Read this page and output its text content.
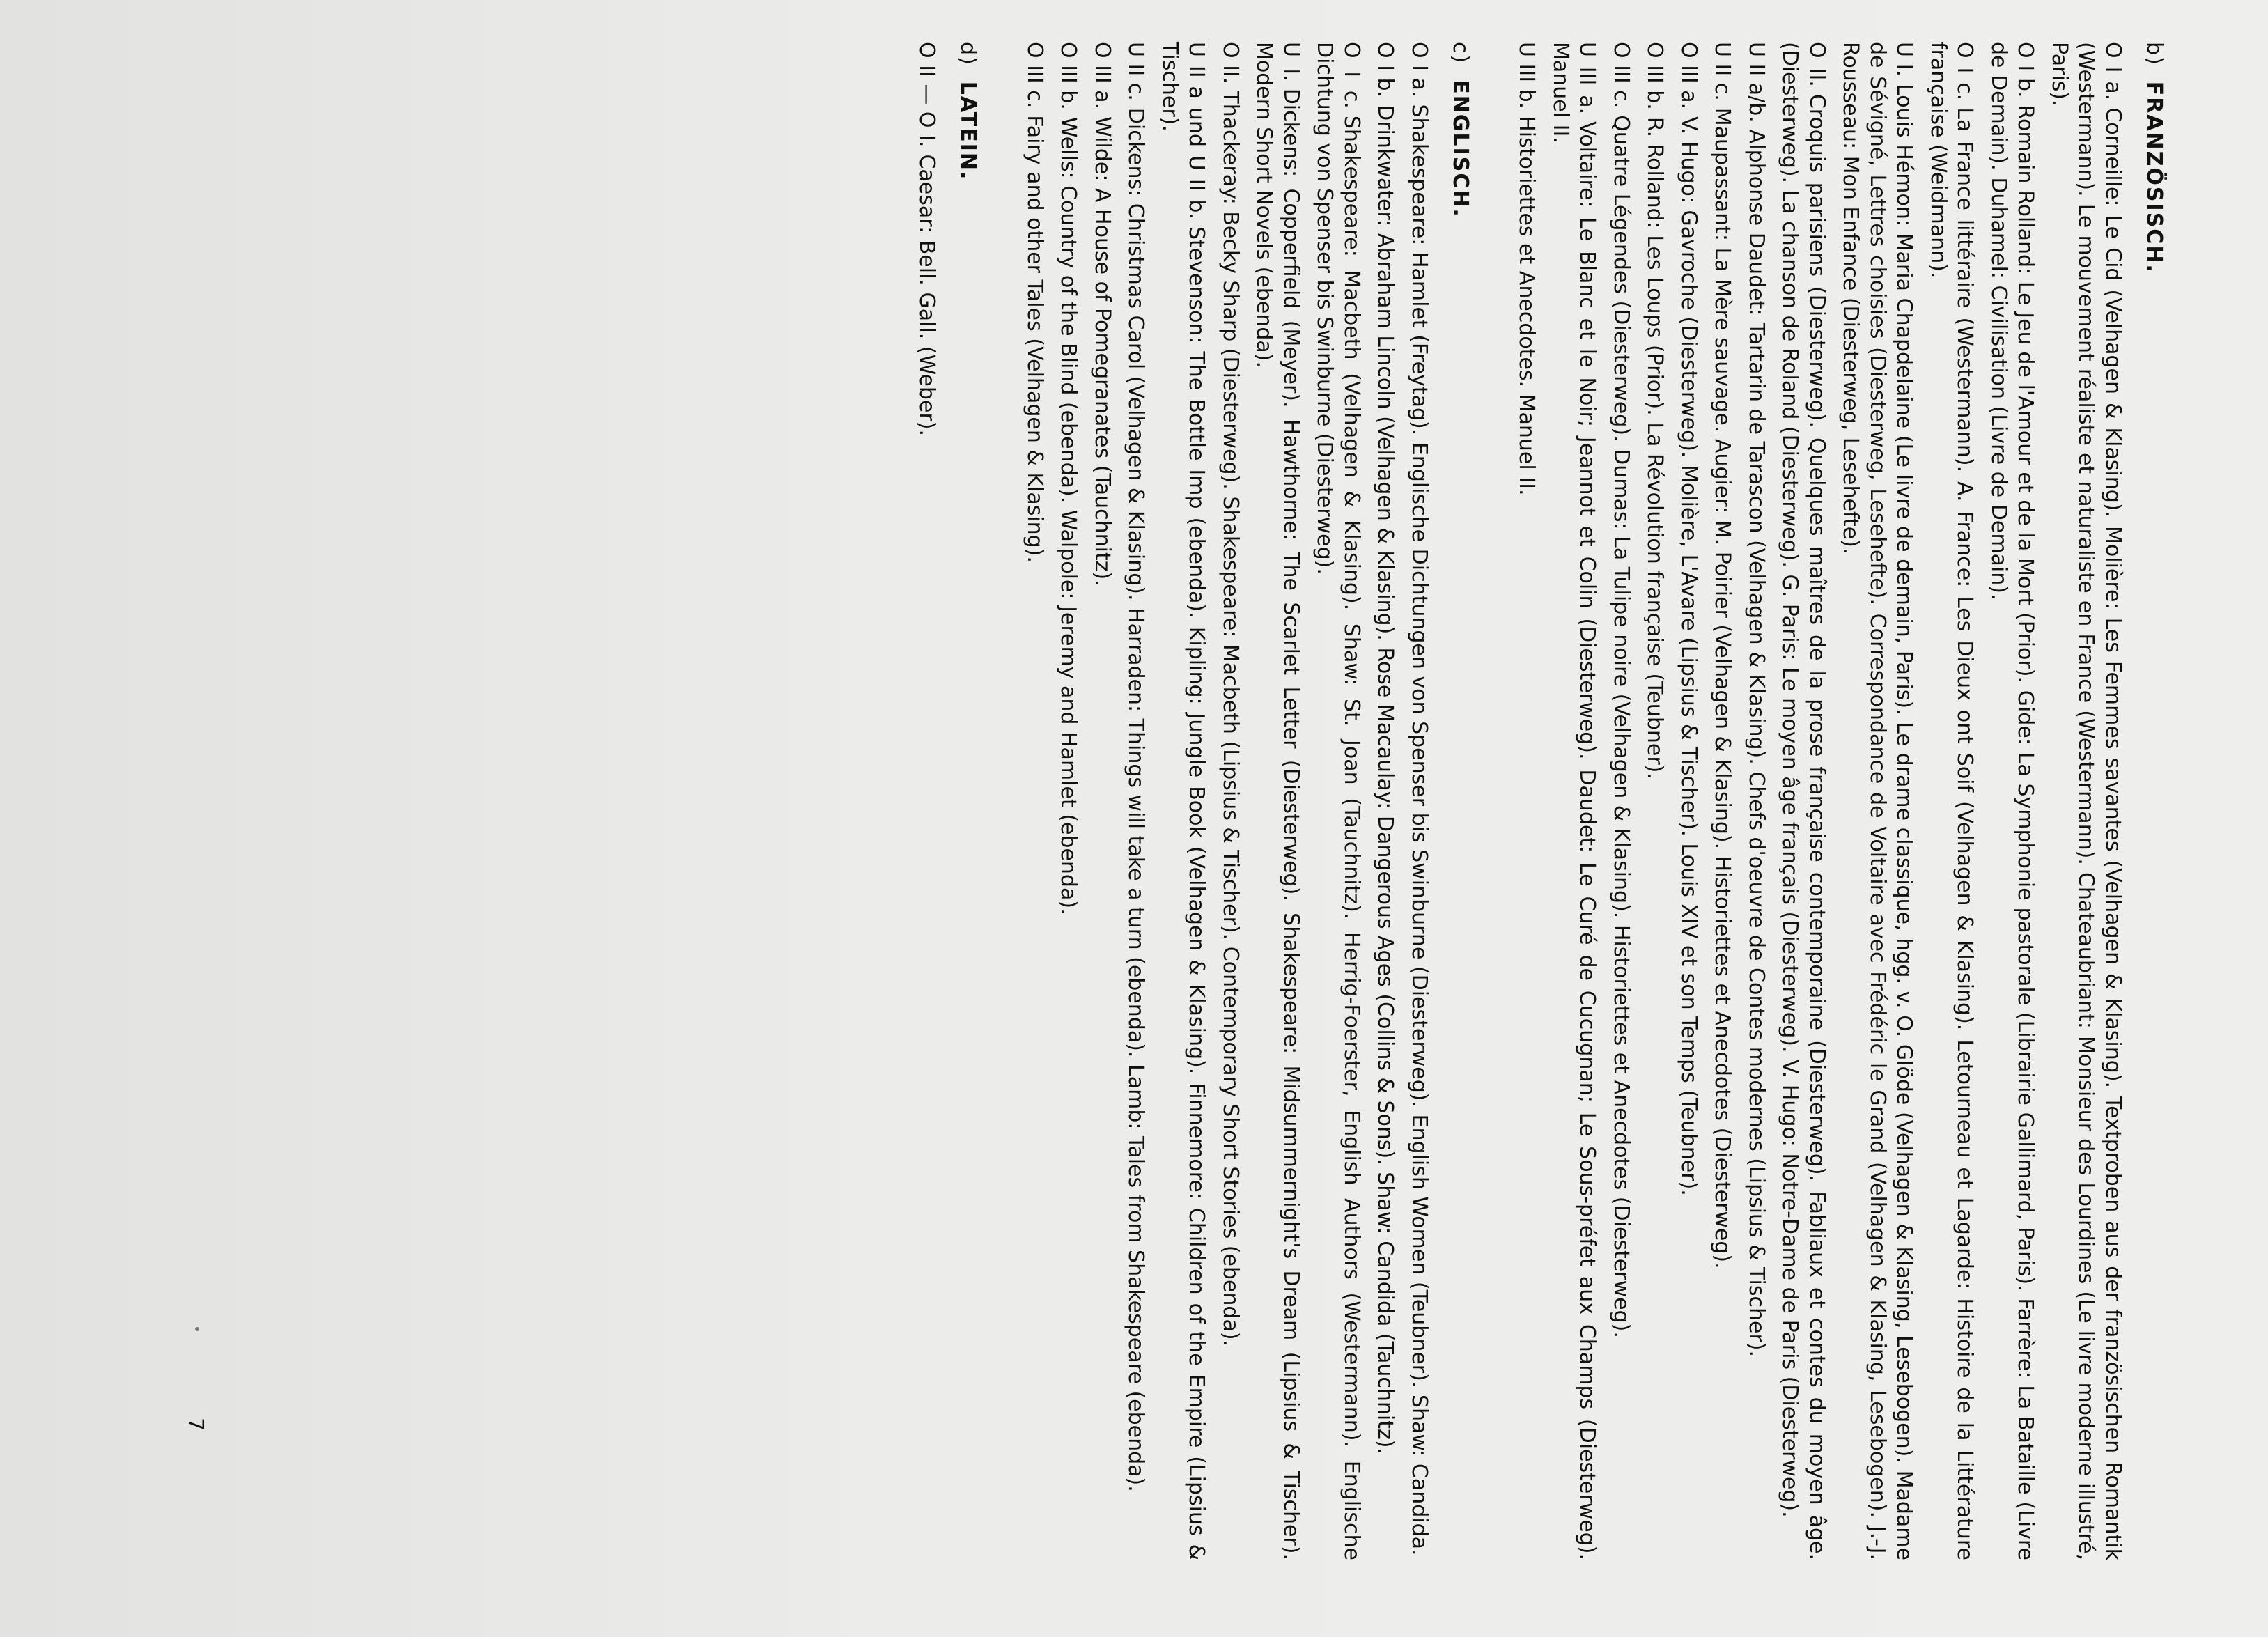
b)FRANZÖSISCH.

O I a.Corneille: Le Cid (Velhagen & Klasing). Molière: Les Femmes savantes (Velhagen & Klasing). Textproben aus der französischen Romantik (Westermann). Le mouvement réaliste et naturaliste en France (Westermann). Chateaubriant: Monsieur des Lourdines (Le livre moderne illustré, Paris).

O I b.Romain Rolland: Le Jeu de l'Amour et de la Mort (Prior). Gide: La Symphonie pastorale (Librairie Gallimard, Paris). Farrère: La Bataille (Livre de Demain). Duhamel: Civilisation (Livre de Demain).

O I c.La France littéraire (Westermann). A. France: Les Dieux ont Soif (Velhagen & Klasing). Letourneau et Lagarde: Histoire de la Littérature française (Weidmann).

U I.Louis Hémon: Maria Chapdelaine (Le livre de demain, Paris). Le drame classique, hgg. v. O. Glöde (Velhagen & Klasing, Lesebogen). Madame de Sévigné, Lettres choisies (Diesterweg, Lesehefte). Correspondance de Voltaire avec Frédéric le Grand (Velhagen & Klasing, Lesebogen). J.-J. Rousseau: Mon Enfance (Diesterweg, Lesehefte).

O II.Croquis parisiens (Diesterweg). Quelques maîtres de la prose française contemporaine (Diesterweg). Fabliaux et contes du moyen âge. (Diesterweg). La chanson de Roland (Diesterweg). G. Paris: Le moyen âge français (Diesterweg). V. Hugo: Notre-Dame de Paris (Diesterweg).

U II a/b.Alphonse Daudet: Tartarin de Tarascon (Velhagen & Klasing). Chefs d'oeuvre de Contes modernes (Lipsius & Tischer).

U II c.Maupassant: La Mère sauvage. Augier: M. Poirier (Velhagen & Klasing). Historiettes et Anecdotes (Diesterweg).

O III a.V. Hugo: Gavroche (Diesterweg). Molière, L'Avare (Lipsius & Tischer). Louis XIV et son Temps (Teubner).

O III b.R. Rolland: Les Loups (Prior). La Révolution française (Teubner).

O III c.Quatre Légendes (Diesterweg). Dumas: La Tulipe noire (Velhagen & Klasing). Historiettes et Anecdotes (Diesterweg).

U III a.Voltaire: Le Blanc et le Noir; Jeannot et Colin (Diesterweg). Daudet: Le Curé de Cucugnan; Le Sous-préfet aux Champs (Diesterweg). Manuel II.

U III b.Historiettes et Anecdotes. Manuel II.

c)ENGLISCH.

O I a.Shakespeare: Hamlet (Freytag). Englische Dichtungen von Spenser bis Swinburne (Diesterweg). English Women (Teubner). Shaw: Candida.

O I b.Drinkwater: Abraham Lincoln (Velhagen & Klasing). Rose Macaulay: Dangerous Ages (Collins & Sons). Shaw: Candida (Tauchnitz).

O I c.Shakespeare: Macbeth (Velhagen & Klasing). Shaw: St. Joan (Tauchnitz). Herrig-Foerster, English Authors (Westermann). Englische Dichtung von Spenser bis Swinburne (Diesterweg).

U I.Dickens: Copperfield (Meyer). Hawthorne: The Scarlet Letter (Diesterweg). Shakespeare: Midsummernight's Dream (Lipsius & Tischer). Modern Short Novels (ebenda).

O II.Thackeray: Becky Sharp (Diesterweg). Shakespeare: Macbeth (Lipsius & Tischer). Contemporary Short Stories (ebenda).

U II a und U II b.Stevenson: The Bottle Imp (ebenda). Kipling: Jungle Book (Velhagen & Klasing). Finnemore: Children of the Empire (Lipsius & Tischer).

U II c.Dickens: Christmas Carol (Velhagen & Klasing). Harraden: Things will take a turn (ebenda). Lamb: Tales from Shakespeare (ebenda).

O III a.Wilde: A House of Pomegranates (Tauchnitz).

O III b.Wells: Country of the Blind (ebenda). Walpole: Jeremy and Hamlet (ebenda).

O III c.Fairy and other Tales (Velhagen & Klasing).

d)LATEIN.

O II — O I.Caesar: Bell. Gall. (Weber).

7
